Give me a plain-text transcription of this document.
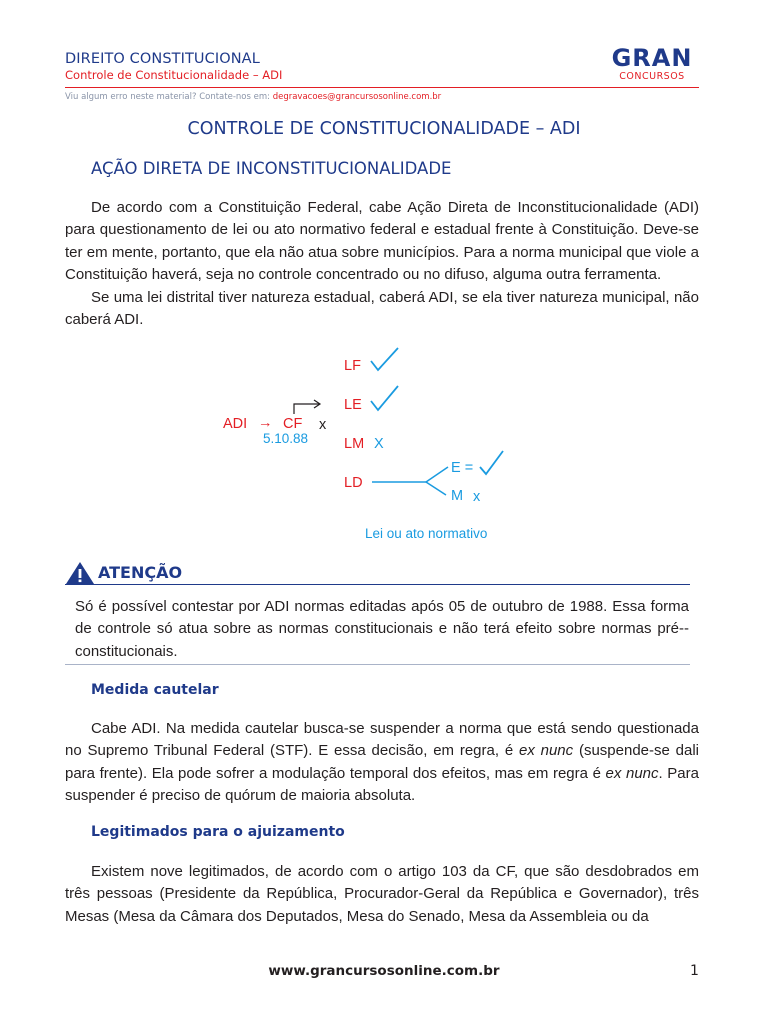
DIREITO CONSTITUCIONAL
Controle de Constitucionalidade – ADI
GRAN
CONCURSOS
Viu algum erro neste material? Contate-nos em: degravacoes@grancursosonline.com.br
CONTROLE DE CONSTITUCIONALIDADE – ADI
AÇÃO DIRETA DE INCONSTITUCIONALIDADE

De acordo com a Constituição Federal, cabe Ação Direta de Inconstitucionalidade (ADI) para questionamento de lei ou ato normativo federal e estadual frente à Constituição. Deve-se ter em mente, portanto, que ela não atua sobre municípios. Para a norma municipal que viole a Constituição haverá, seja no controle concentrado ou no difuso, alguma outra ferramenta.

Se uma lei distrital tiver natureza estadual, caberá ADI, se ela tiver natureza municipal, não caberá ADI.

LF
LE
ADI → CF x
5.10.88 LM X
LD
E =
M x
Lei ou ato normativo
ATENÇÃO
Só é possível contestar por ADI normas editadas após 05 de outubro de 1988. Essa forma de controle só atua sobre as normas constitucionais e não terá efeito sobre normas pré--constitucionais.
Medida cautelar

Cabe ADI. Na medida cautelar busca-se suspender a norma que está sendo questionada no Supremo Tribunal Federal (STF). E essa decisão, em regra, é ex nunc (suspende-se dali para frente). Ela pode sofrer a modulação temporal dos efeitos, mas em regra é ex nunc. Para suspender é preciso de quórum de maioria absoluta.

Legitimados para o ajuizamento

Existem nove legitimados, de acordo com o artigo 103 da CF, que são desdobrados em três pessoas (Presidente da República, Procurador-Geral da República e Governador), três Mesas (Mesa da Câmara dos Deputados, Mesa do Senado, Mesa da Assembleia ou da

www.grancursosonline.com.br	1
